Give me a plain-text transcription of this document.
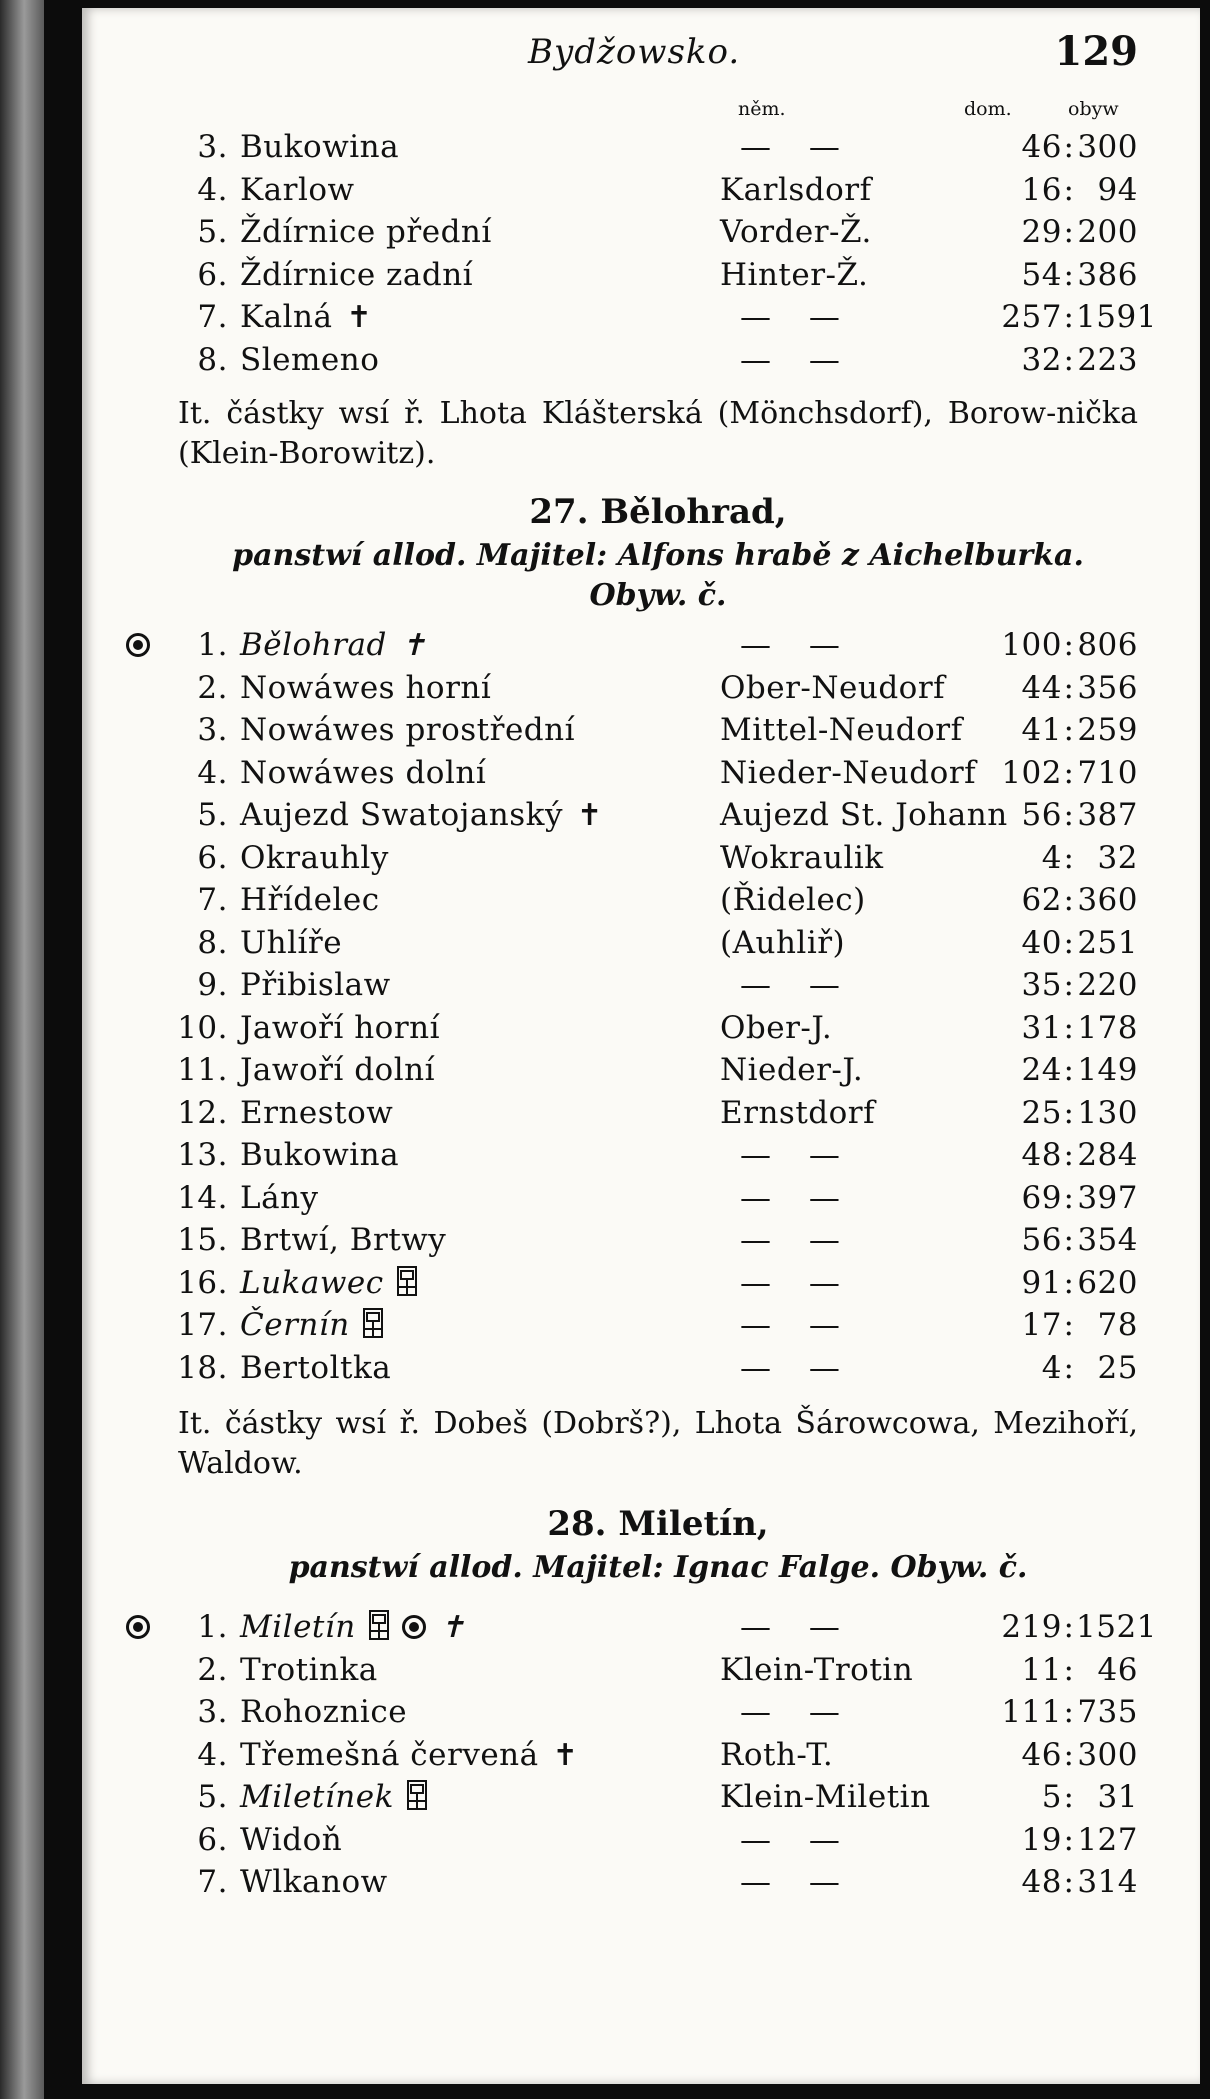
Bydžowsko.	129
něm.	dom.	obyw
3. Bukowina	— —	46 : 300
4. Karlow	Karlsdorf	16 : 94
5. Ždírnice přední	Vorder-Ž.	29 : 200
6. Ždírnice zadní	Hinter-Ž.	54 : 386
7. Kalná ✝	— —	257 : 1591
8. Slemeno	— —	32 : 223
It. částky wsí ř. Lhota Klášterská (Mönchsdorf), Borow-nička (Klein-Borowitz).
27. Bělohrad,
panstwí allod. Majitel: Alfons hrabě z Aichelburka.
Obyw. č.
1. Bělohrad ✝	— —	100 : 806
2. Nowáwes horní	Ober-Neudorf 44 : 356
3. Nowáwes prostřední	Mittel-Neudorf 41 : 259
4. Nowáwes dolní	Nieder-Neudorf 102 : 710
5. Aujezd Swatojanský ✝	Aujezd St. Johann 56 : 387
6. Okrauhly	Wokraulik	4 : 32
7. Hřídelec	(Řidelec)	62 : 360
8. Uhlíře	(Auhliř)	40 : 251
9. Přibislaw	— —	35 : 220
10. Jawoří horní	Ober-J.	31 : 178
11. Jawoří dolní	Nieder-J.	24 : 149
12. Ernestow	Ernstdorf	25 : 130
13. Bukowina	— —	48 : 284
14. Lány	— —	69 : 397
15. Brtwí, Brtwy	— —	56 : 354
16. Lukawec	— —	91 : 620
17. Černín	— —	17 : 78
18. Bertoltka	— —	4 : 25
It. částky wsí ř. Dobeš (Dobrš?), Lhota Šárowcowa, Mezihoří, Waldow.
28. Miletín,
panstwí allod. Majitel: Ignac Falge. Obyw. č.
1. Miletín	✝	— —	219 : 1521
2. Trotinka	Klein-Trotin	11 : 46
3. Rohoznice	— —	111 : 735
4. Třemešná červená ✝	Roth-T.	46 : 300
5. Miletínek	Klein-Miletin	5 : 31
6. Widoň	— —	19 : 127
7. Wlkanow	— —	48 : 314
